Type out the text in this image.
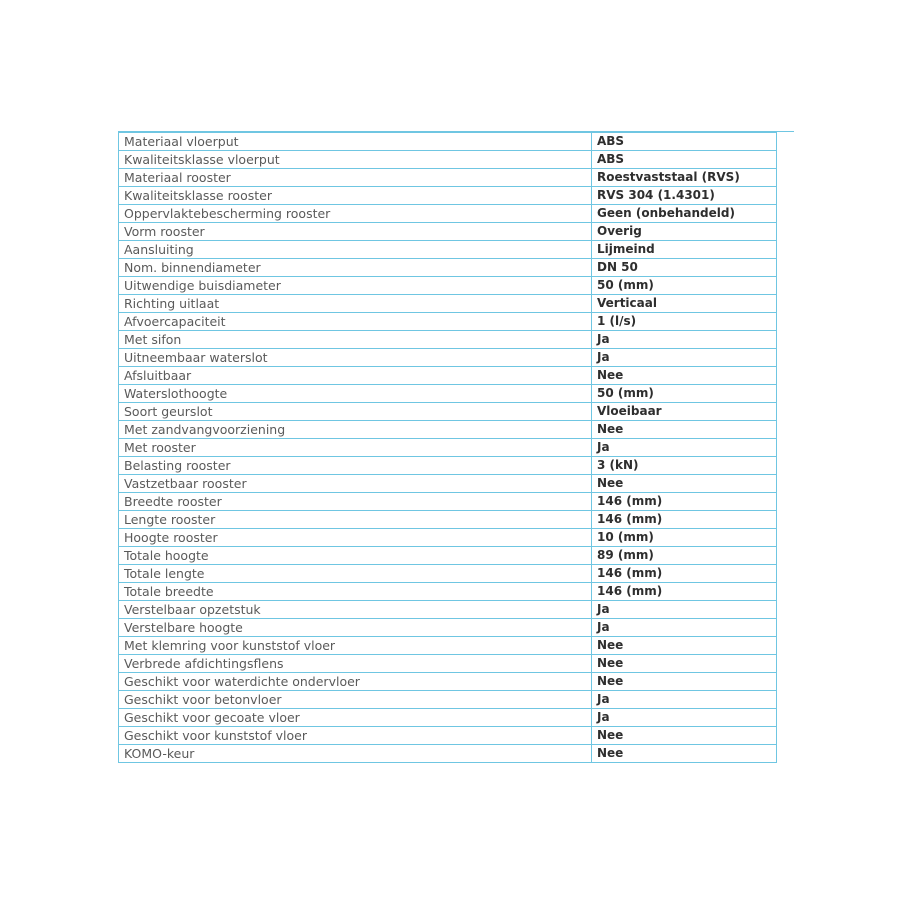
Materiaal vloerput	ABS
Kwaliteitsklasse vloerput	ABS
Materiaal rooster	Roestvaststaal (RVS)
Kwaliteitsklasse rooster	RVS 304 (1.4301)
Oppervlaktebescherming rooster	Geen (onbehandeld)
Vorm rooster	Overig
Aansluiting	Lijmeind
Nom. binnendiameter	DN 50
Uitwendige buisdiameter	50 (mm)
Richting uitlaat	Verticaal
Afvoercapaciteit	1 (l/s)
Met sifon	Ja
Uitneembaar waterslot	Ja
Afsluitbaar	Nee
Waterslothoogte	50 (mm)
Soort geurslot	Vloeibaar
Met zandvangvoorziening	Nee
Met rooster	Ja
Belasting rooster	3 (kN)
Vastzetbaar rooster	Nee
Breedte rooster	146 (mm)
Lengte rooster	146 (mm)
Hoogte rooster	10 (mm)
Totale hoogte	89 (mm)
Totale lengte	146 (mm)
Totale breedte	146 (mm)
Verstelbaar opzetstuk	Ja
Verstelbare hoogte	Ja
Met klemring voor kunststof vloer	Nee
Verbrede afdichtingsflens	Nee
Geschikt voor waterdichte ondervloer	Nee
Geschikt voor betonvloer	Ja
Geschikt voor gecoate vloer	Ja
Geschikt voor kunststof vloer	Nee
KOMO-keur	Nee
